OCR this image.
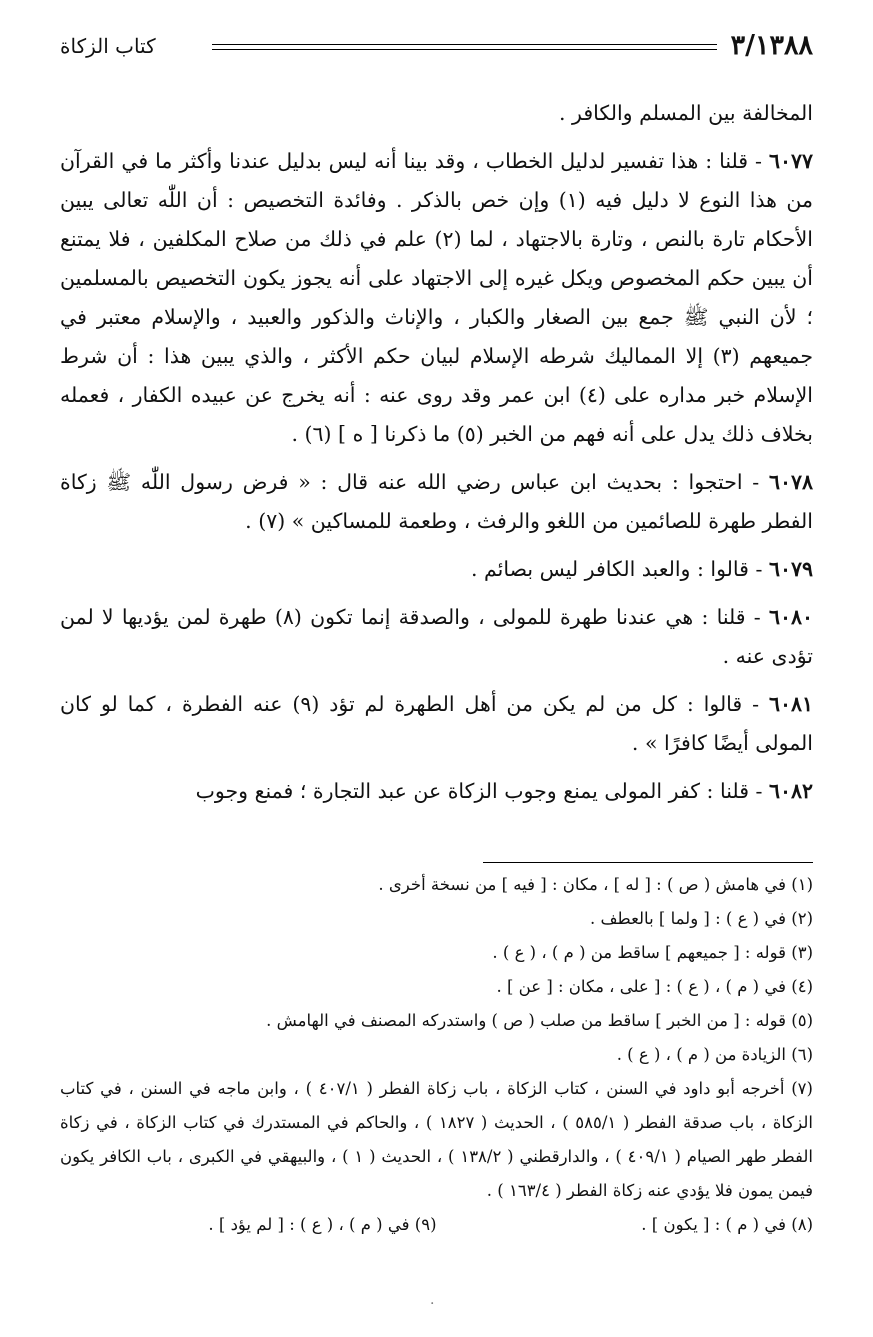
٣/١٣٨٨
كتاب الزكاة

المخالفة بين المسلم والكافر .

٦٠٧٧ - قلنا : هذا تفسير لدليل الخطاب ، وقد بينا أنه ليس بدليل عندنا وأكثر ما في القرآن من هذا النوع لا دليل فيه (١) وإن خص بالذكر . وفائدة التخصيص : أن اللّٰه تعالى يبين الأحكام تارة بالنص ، وتارة بالاجتهاد ، لما (٢) علم في ذلك من صلاح المكلفين ، فلا يمتنع أن يبين حكم المخصوص ويكل غيره إلى الاجتهاد على أنه يجوز يكون التخصيص بالمسلمين ؛ لأن النبي ﷺ جمع بين الصغار والكبار ، والإناث والذكور والعبيد ، والإسلام معتبر في جميعهم (٣) إلا المماليك شرطه الإسلام لبيان حكم الأكثر ، والذي يبين هذا : أن شرط الإسلام خبر مداره على (٤) ابن عمر وقد روى عنه : أنه يخرج عن عبيده الكفار ، فعمله بخلاف ذلك يدل على أنه فهم من الخبر (٥) ما ذكرنا [ ه ] (٦) .

٦٠٧٨ - احتجوا : بحديث ابن عباس رضي الله عنه قال : « فرض رسول اللّٰه ﷺ زكاة الفطر طهرة للصائمين من اللغو والرفث ، وطعمة للمساكين » (٧) .

٦٠٧٩ - قالوا : والعبد الكافر ليس بصائم .

٦٠٨٠ - قلنا : هي عندنا طهرة للمولى ، والصدقة إنما تكون (٨) طهرة لمن يؤديها لا لمن تؤدى عنه .

٦٠٨١ - قالوا : كل من لم يكن من أهل الطهرة لم تؤد (٩) عنه الفطرة ، كما لو كان المولى أيضًا كافرًا » .

٦٠٨٢ - قلنا : كفر المولى يمنع وجوب الزكاة عن عبد التجارة ؛ فمنع وجوب

(١) في هامش ( ص ) : [ له ] ، مكان : [ فيه ] من نسخة أخرى .

(٢) في ( ع ) : [ ولما ] بالعطف .

(٣) قوله : [ جميعهم ] ساقط من ( م ) ، ( ع ) .

(٤) في ( م ) ، ( ع ) : [ على ، مكان : [ عن ] .

(٥) قوله : [ من الخبر ] ساقط من صلب ( ص ) واستدركه المصنف في الهامش .

(٦) الزيادة من ( م ) ، ( ع ) .

(٧) أخرجه أبو داود في السنن ، كتاب الزكاة ، باب زكاة الفطر ( ٤٠٧/١ ) ، وابن ماجه في السنن ، في كتاب الزكاة ، باب صدقة الفطر ( ٥٨٥/١ ) ، الحديث ( ١٨٢٧ ) ، والحاكم في المستدرك في كتاب الزكاة ، في زكاة الفطر طهر الصيام ( ٤٠٩/١ ) ، والدارقطني ( ١٣٨/٢ ) ، الحديث ( ١ ) ، والبيهقي في الكبرى ، باب الكافر يكون فيمن يمون فلا يؤدي عنه زكاة الفطر ( ١٦٣/٤ ) .

(٨) في ( م ) : [ يكون ] .
(٩) في ( م ) ، ( ع ) : [ لم يؤد ] .
·
